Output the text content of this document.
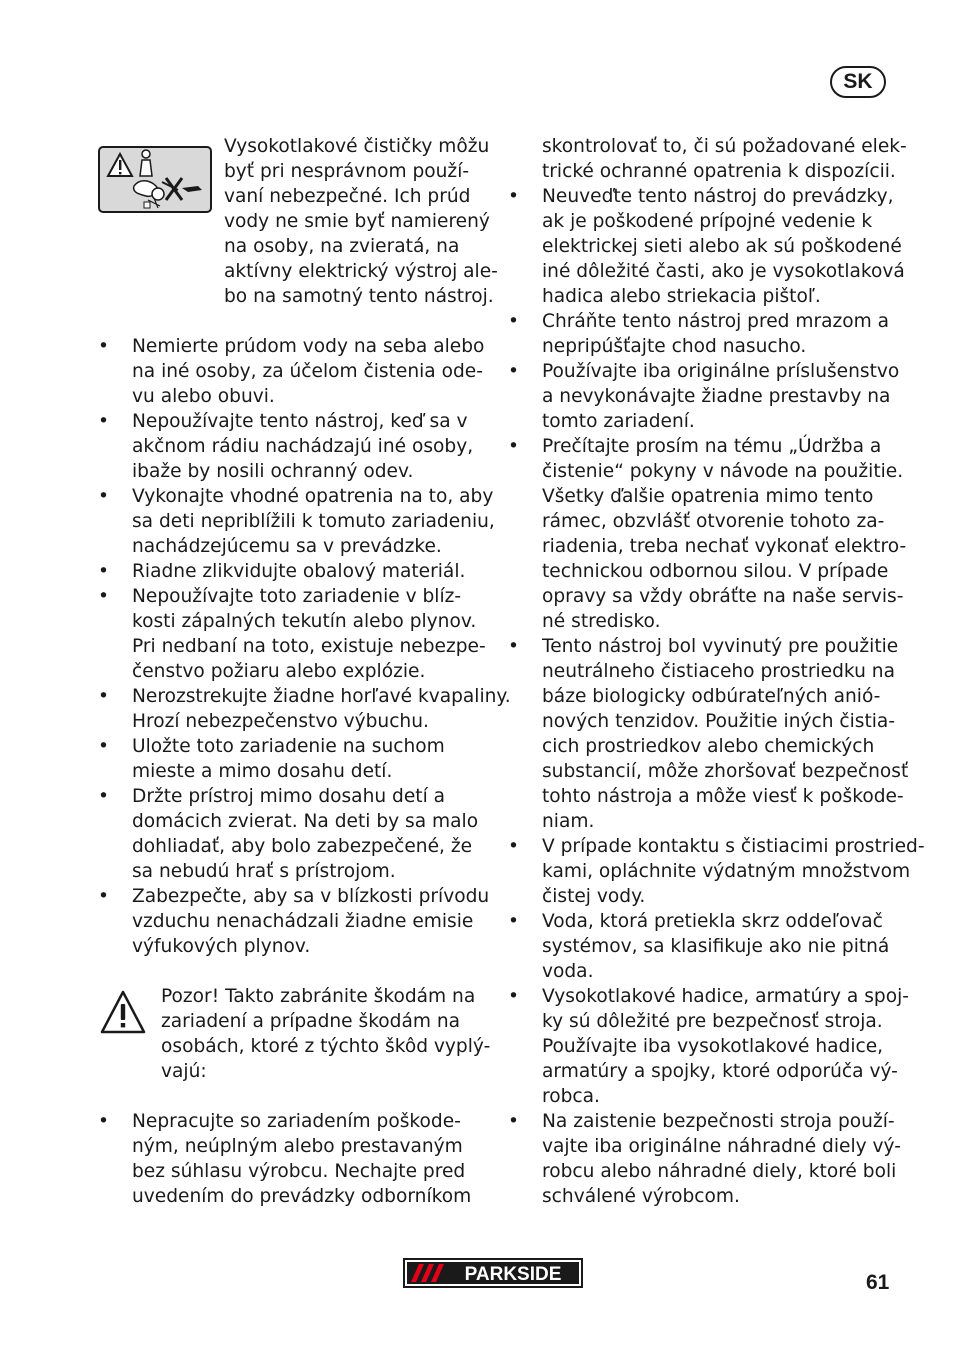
SK
Vysokotlakové čističky môžu
byť pri nesprávnom použí-
vaní nebezpečné. Ich prúd
vody ne smie byť namierený
na osoby, na zvieratá, na
aktívny elektrický výstroj ale-
bo na samotný tento nástroj.
• Nemierte prúdom vody na seba alebo
na iné osoby, za účelom čistenia ode-
vu alebo obuvi.
• Nepoužívajte tento nástroj, keď sa v
akčnom rádiu nachádzajú iné osoby,
ibaže by nosili ochranný odev.
• Vykonajte vhodné opatrenia na to, aby
sa deti nepriblížili k tomuto zariadeniu,
nachádzejúcemu sa v prevádzke.
• Riadne zlikvidujte obalový materiál.
• Nepoužívajte toto zariadenie v blíz-
kosti zápalných tekutín alebo plynov.
Pri nedbaní na toto, existuje nebezpe-
čenstvo požiaru alebo explózie.
• Nerozstrekujte žiadne horľavé kvapaliny.
Hrozí nebezpečenstvo výbuchu.
• Uložte toto zariadenie na suchom
mieste a mimo dosahu detí.
• Držte prístroj mimo dosahu detí a
domácich zvierat. Na deti by sa malo
dohliadať, aby bolo zabezpečené, že
sa nebudú hrať s prístrojom.
• Zabezpečte, aby sa v blízkosti prívodu
vzduchu nenachádzali žiadne emisie
výfukových plynov.
Pozor! Takto zabránite škodám na
zariadení a prípadne škodám na
osobách, ktoré z týchto škôd vyplý-
vajú:
• Nepracujte so zariadením poškode-
ným, neúplným alebo prestavaným
bez súhlasu výrobcu. Nechajte pred
uvedením do prevádzky odborníkom
skontrolovať to, či sú požadované elek-
trické ochranné opatrenia k dispozícii.
• Neuveďte tento nástroj do prevádzky,
ak je poškodené prípojné vedenie k
elektrickej sieti alebo ak sú poškodené
iné dôležité časti, ako je vysokotlaková
hadica alebo striekacia pištoľ.
• Chráňte tento nástroj pred mrazom a
nepripúšťajte chod nasucho.
• Používajte iba originálne príslušenstvo
a nevykonávajte žiadne prestavby na
tomto zariadení.
• Prečítajte prosím na tému „Údržba a
čistenie“ pokyny v návode na použitie.
Všetky ďalšie opatrenia mimo tento
rámec, obzvlášť otvorenie tohoto za-
riadenia, treba nechať vykonať elektro-
technickou odbornou silou. V prípade
opravy sa vždy obráťte na naše servis-
né stredisko.
• Tento nástroj bol vyvinutý pre použitie
neutrálneho čistiaceho prostriedku na
báze biologicky odbúrateľných anió-
nových tenzidov. Použitie iných čistia-
cich prostriedkov alebo chemických
substancií, môže zhoršovať bezpečnosť
tohto nástroja a môže viesť k poškode-
niam.
• V prípade kontaktu s čistiacimi prostried-
kami, opláchnite výdatným množstvom
čistej vody.
• Voda, ktorá pretiekla skrz oddeľovač
systémov, sa klasifikuje ako nie pitná
voda.
• Vysokotlakové hadice, armatúry a spoj-
ky sú dôležité pre bezpečnosť stroja.
Používajte iba vysokotlakové hadice,
armatúry a spojky, ktoré odporúča vý-
robca.
• Na zaistenie bezpečnosti stroja použí-
vajte iba originálne náhradné diely vý-
robcu alebo náhradné diely, ktoré boli
schválené výrobcom.
PARKSIDE	61
